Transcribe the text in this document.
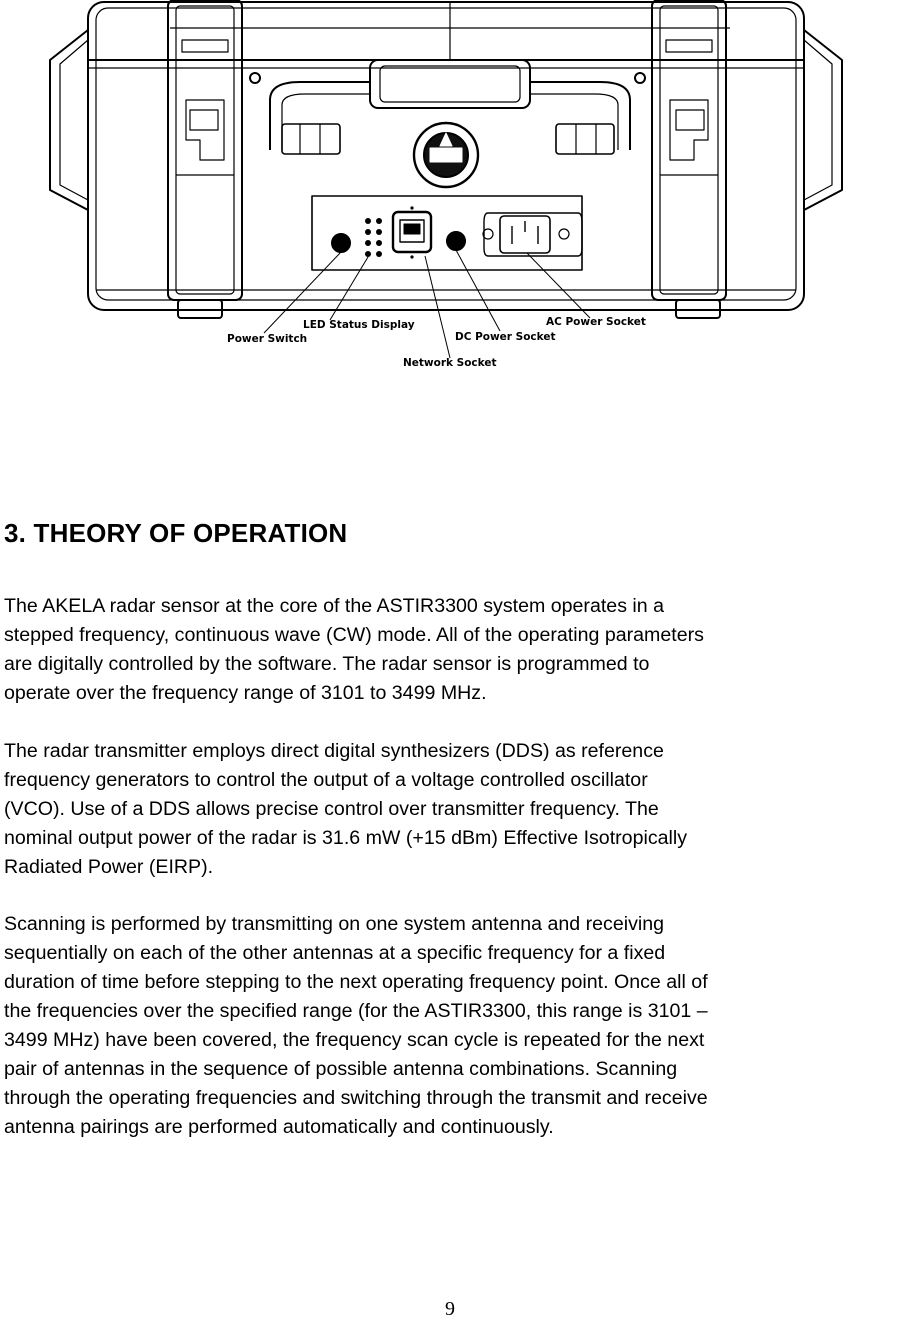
Power Switch
LED Status Display
Network Socket
DC Power Socket
AC Power Socket
3. THEORY OF OPERATION

The AKELA radar sensor at the core of the ASTIR3300 system operates in a
stepped frequency, continuous wave (CW) mode. All of the operating parameters
are digitally controlled by the software. The radar sensor is programmed to
operate over the frequency range of 3101 to 3499 MHz.

The radar transmitter employs direct digital synthesizers (DDS) as reference
frequency generators to control the output of a voltage controlled oscillator
(VCO). Use of a DDS allows precise control over transmitter frequency. The
nominal output power of the radar is 31.6 mW (+15 dBm) Effective Isotropically
Radiated Power (EIRP).

Scanning is performed by transmitting on one system antenna and receiving
sequentially on each of the other antennas at a specific frequency for a fixed
duration of time before stepping to the next operating frequency point. Once all of
the frequencies over the specified range (for the ASTIR3300, this range is 3101 –
3499 MHz) have been covered, the frequency scan cycle is repeated for the next
pair of antennas in the sequence of possible antenna combinations. Scanning
through the operating frequencies and switching through the transmit and receive
antenna pairings are performed automatically and continuously.

9
